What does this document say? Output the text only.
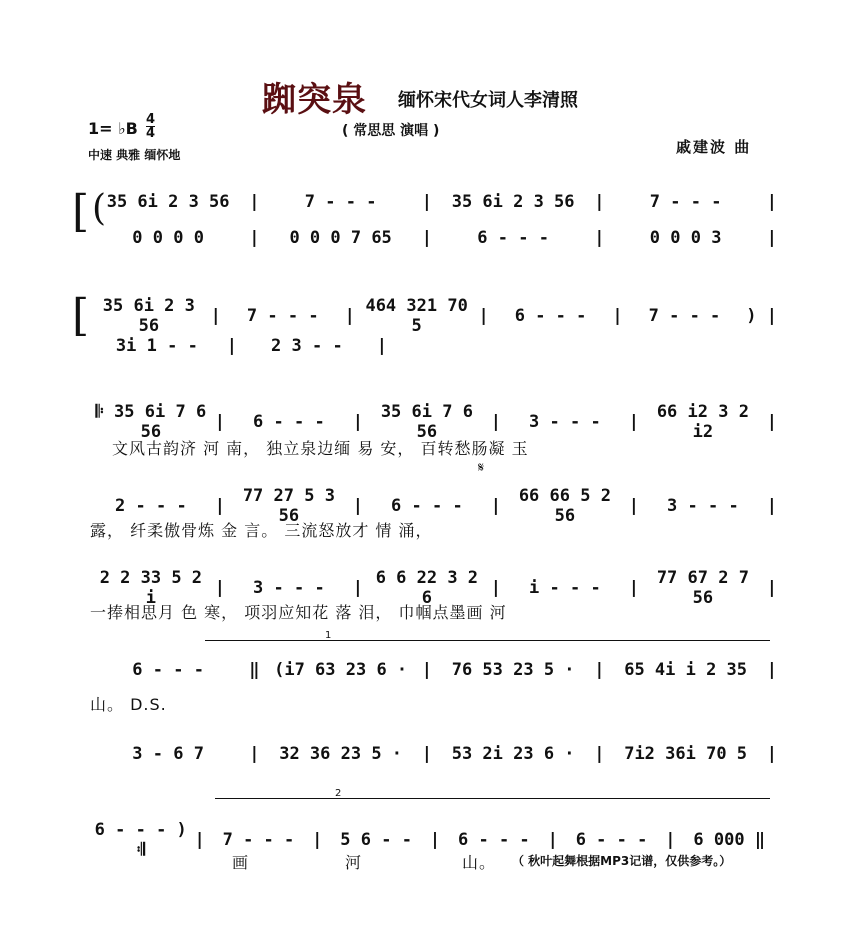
踟突泉 缅怀宋代女词人李清照
( 常思思 演唱 )
1= ♭B 4
4
中速 典雅 缅怀地	戚建波 曲
[ ( 35 6i 2 3 56	|	7 - - -	|	35 6i 2 3 56	|	7 - - -	|
0 0 0 0	|	0 0 0 7 65	|	6 - - -	|	0 0 0 3	|
[ 35 6i 2 3 56	|	7 - - -	| 464 321 70 5	|	6 - - -	|	7 - - -	) |
3i 1 - -	|	2 3 - -	|
𝄆 35 6i 7 6 56	|	6 - - -	|	35 6i 7 6 56	|	3 - - -	|	66 i2 3 2 i2	|
文风古韵济 河 南， 独立泉边缅 易 安， 百转愁肠凝 玉
𝄋
2 - - -	|	77 27 5 3 56	|	6 - - -	|	66 66 5 2 56	|	3 - - -	|
露， 纤柔傲骨炼 金 言。 三流怒放才 情 涌，
2 2 33 5 2 i	|	3 - - -	| 6 6 22 3 2 6	|	i - - -	|	77 67 2 7 56	|
一捧相思月 色 寒， 项羽应知花 落 泪， 巾帼点墨画 河
1
6 - - -	‖ (i7 63 23 6 · |	76 53 23 5 ·	|	65 4i i 2 35	|
山。 D.S.
3 - 6 7	|	32 36 23 5 ·	|	53 2i 23 6 ·	|	7i2 36i 70 5	|
2
6 - - - ) 𝄇	|	7 - - -	|	5 6 - -	|	6 - - -	|	6 - - -	|	6 000 ‖
画	河	山。 （ 秋叶起舞根据MP3记谱，仅供参考。）
